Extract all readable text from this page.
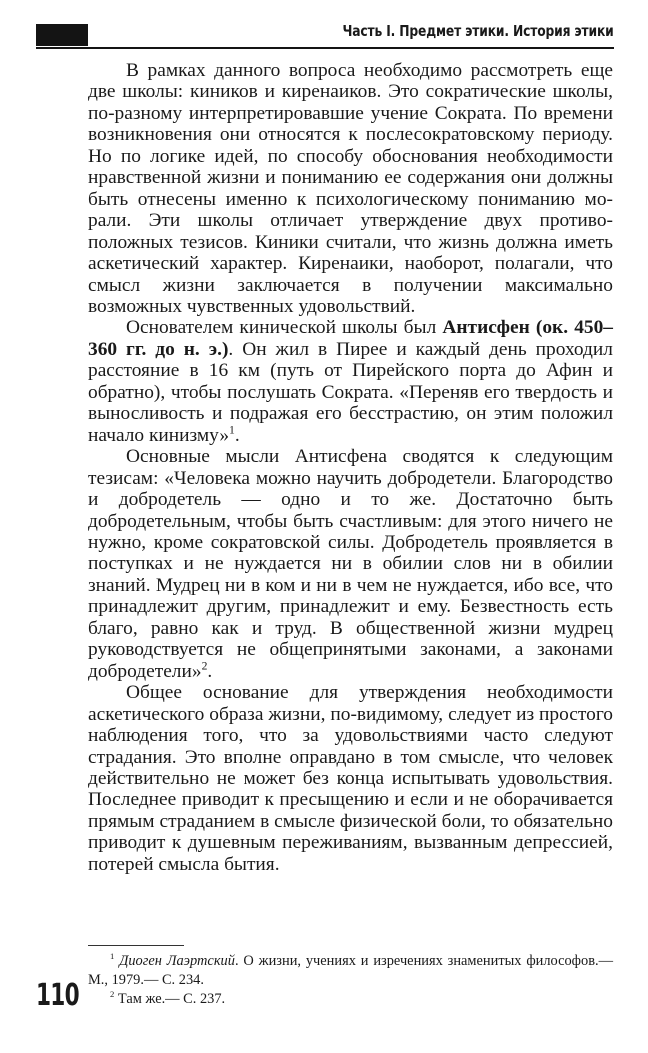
Часть I. Предмет этики. История этики

В рамках данного вопроса необходимо рассмотреть еще две школы: киников и киренаиков. Это сократические школы, по-разному интерпретировавшие учение Сократа. По времени возникновения они относятся к послесократовскому периоду. Но по логике идей, по способу обоснования необходимости нравственной жизни и пониманию ее содержания они должны быть отнесены именно к психологическому пониманию морали. Эти школы отличает утверждение двух противоположных тезисов. Киники считали, что жизнь должна иметь аскетический характер. Киренаики, наоборот, полагали, что смысл жизни заключается в получении максимально возможных чувственных удовольствий.

Основателем кинической школы был Антисфен (ок. 450–360 гг. до н. э.). Он жил в Пирее и каждый день проходил расстояние в 16 км (путь от Пирейского порта до Афин и обратно), чтобы послушать Сократа. «Переняв его твердость и выносливость и подражая его бесстрастию, он этим положил начало кинизму»$^1$.

Основные мысли Антисфена сводятся к следующим тезисам: «Человека можно научить добродетели. Благородство и добродетель — одно и то же. Достаточно быть добродетельным, чтобы быть счастливым: для этого ничего не нужно, кроме сократовской силы. Добродетель проявляется в поступках и не нуждается ни в обилии слов ни в обилии знаний. Мудрец ни в ком и ни в чем не нуждается, ибо все, что принадлежит другим, принадлежит и ему. Безвестность есть благо, равно как и труд. В общественной жизни мудрец руководствуется не общепринятыми законами, а законами добродетели»$^2$.

Общее основание для утверждения необходимости аскетического образа жизни, по-видимому, следует из простого наблюдения того, что за удовольствиями часто следуют страдания. Это вполне оправдано в том смысле, что человек действительно не может без конца испытывать удовольствия. Последнее приводит к пресыщению и если и не оборачивается прямым страданием в смысле физической боли, то обязательно приводит к душевным переживаниям, вызванным депрессией, потерей смысла бытия.

$^1$ Диоген Лаэртский. О жизни, учениях и изречениях знаменитых философов.— М., 1979.— С. 234.

$^2$ Там же.— С. 237.

110
